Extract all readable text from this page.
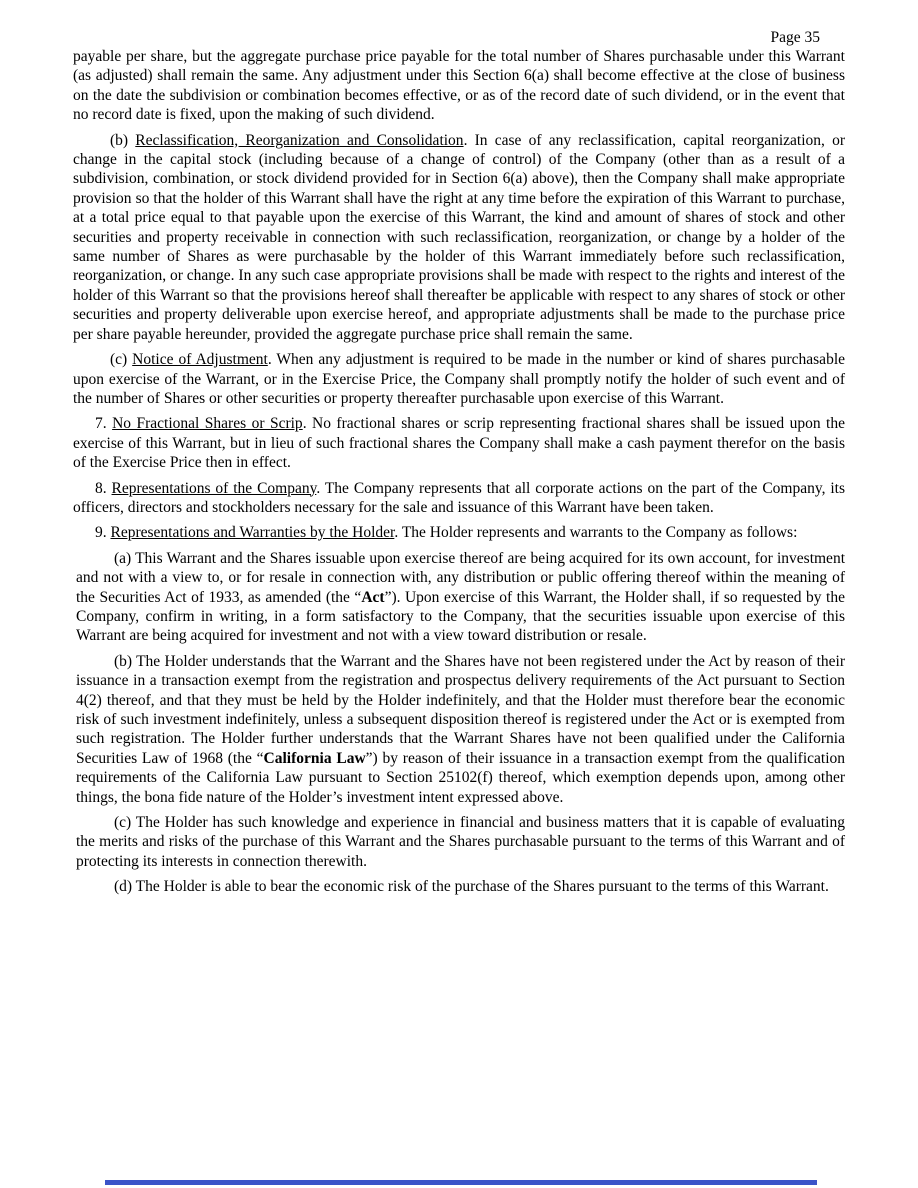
Page 35

payable per share, but the aggregate purchase price payable for the total number of Shares purchasable under this Warrant (as adjusted) shall remain the same. Any adjustment under this Section 6(a) shall become effective at the close of business on the date the subdivision or combination becomes effective, or as of the record date of such dividend, or in the event that no record date is fixed, upon the making of such dividend.

(b) Reclassification, Reorganization and Consolidation. In case of any reclassification, capital reorganization, or change in the capital stock (including because of a change of control) of the Company (other than as a result of a subdivision, combination, or stock dividend provided for in Section 6(a) above), then the Company shall make appropriate provision so that the holder of this Warrant shall have the right at any time before the expiration of this Warrant to purchase, at a total price equal to that payable upon the exercise of this Warrant, the kind and amount of shares of stock and other securities and property receivable in connection with such reclassification, reorganization, or change by a holder of the same number of Shares as were purchasable by the holder of this Warrant immediately before such reclassification, reorganization, or change. In any such case appropriate provisions shall be made with respect to the rights and interest of the holder of this Warrant so that the provisions hereof shall thereafter be applicable with respect to any shares of stock or other securities and property deliverable upon exercise hereof, and appropriate adjustments shall be made to the purchase price per share payable hereunder, provided the aggregate purchase price shall remain the same.

(c) Notice of Adjustment. When any adjustment is required to be made in the number or kind of shares purchasable upon exercise of the Warrant, or in the Exercise Price, the Company shall promptly notify the holder of such event and of the number of Shares or other securities or property thereafter purchasable upon exercise of this Warrant.

7. No Fractional Shares or Scrip. No fractional shares or scrip representing fractional shares shall be issued upon the exercise of this Warrant, but in lieu of such fractional shares the Company shall make a cash payment therefor on the basis of the Exercise Price then in effect.

8. Representations of the Company. The Company represents that all corporate actions on the part of the Company, its officers, directors and stockholders necessary for the sale and issuance of this Warrant have been taken.

9. Representations and Warranties by the Holder. The Holder represents and warrants to the Company as follows:

(a) This Warrant and the Shares issuable upon exercise thereof are being acquired for its own account, for investment and not with a view to, or for resale in connection with, any distribution or public offering thereof within the meaning of the Securities Act of 1933, as amended (the “Act”). Upon exercise of this Warrant, the Holder shall, if so requested by the Company, confirm in writing, in a form satisfactory to the Company, that the securities issuable upon exercise of this Warrant are being acquired for investment and not with a view toward distribution or resale.

(b) The Holder understands that the Warrant and the Shares have not been registered under the Act by reason of their issuance in a transaction exempt from the registration and prospectus delivery requirements of the Act pursuant to Section 4(2) thereof, and that they must be held by the Holder indefinitely, and that the Holder must therefore bear the economic risk of such investment indefinitely, unless a subsequent disposition thereof is registered under the Act or is exempted from such registration. The Holder further understands that the Warrant Shares have not been qualified under the California Securities Law of 1968 (the “California Law”) by reason of their issuance in a transaction exempt from the qualification requirements of the California Law pursuant to Section 25102(f) thereof, which exemption depends upon, among other things, the bona fide nature of the Holder’s investment intent expressed above.

(c) The Holder has such knowledge and experience in financial and business matters that it is capable of evaluating the merits and risks of the purchase of this Warrant and the Shares purchasable pursuant to the terms of this Warrant and of protecting its interests in connection therewith.

(d) The Holder is able to bear the economic risk of the purchase of the Shares pursuant to the terms of this Warrant.
